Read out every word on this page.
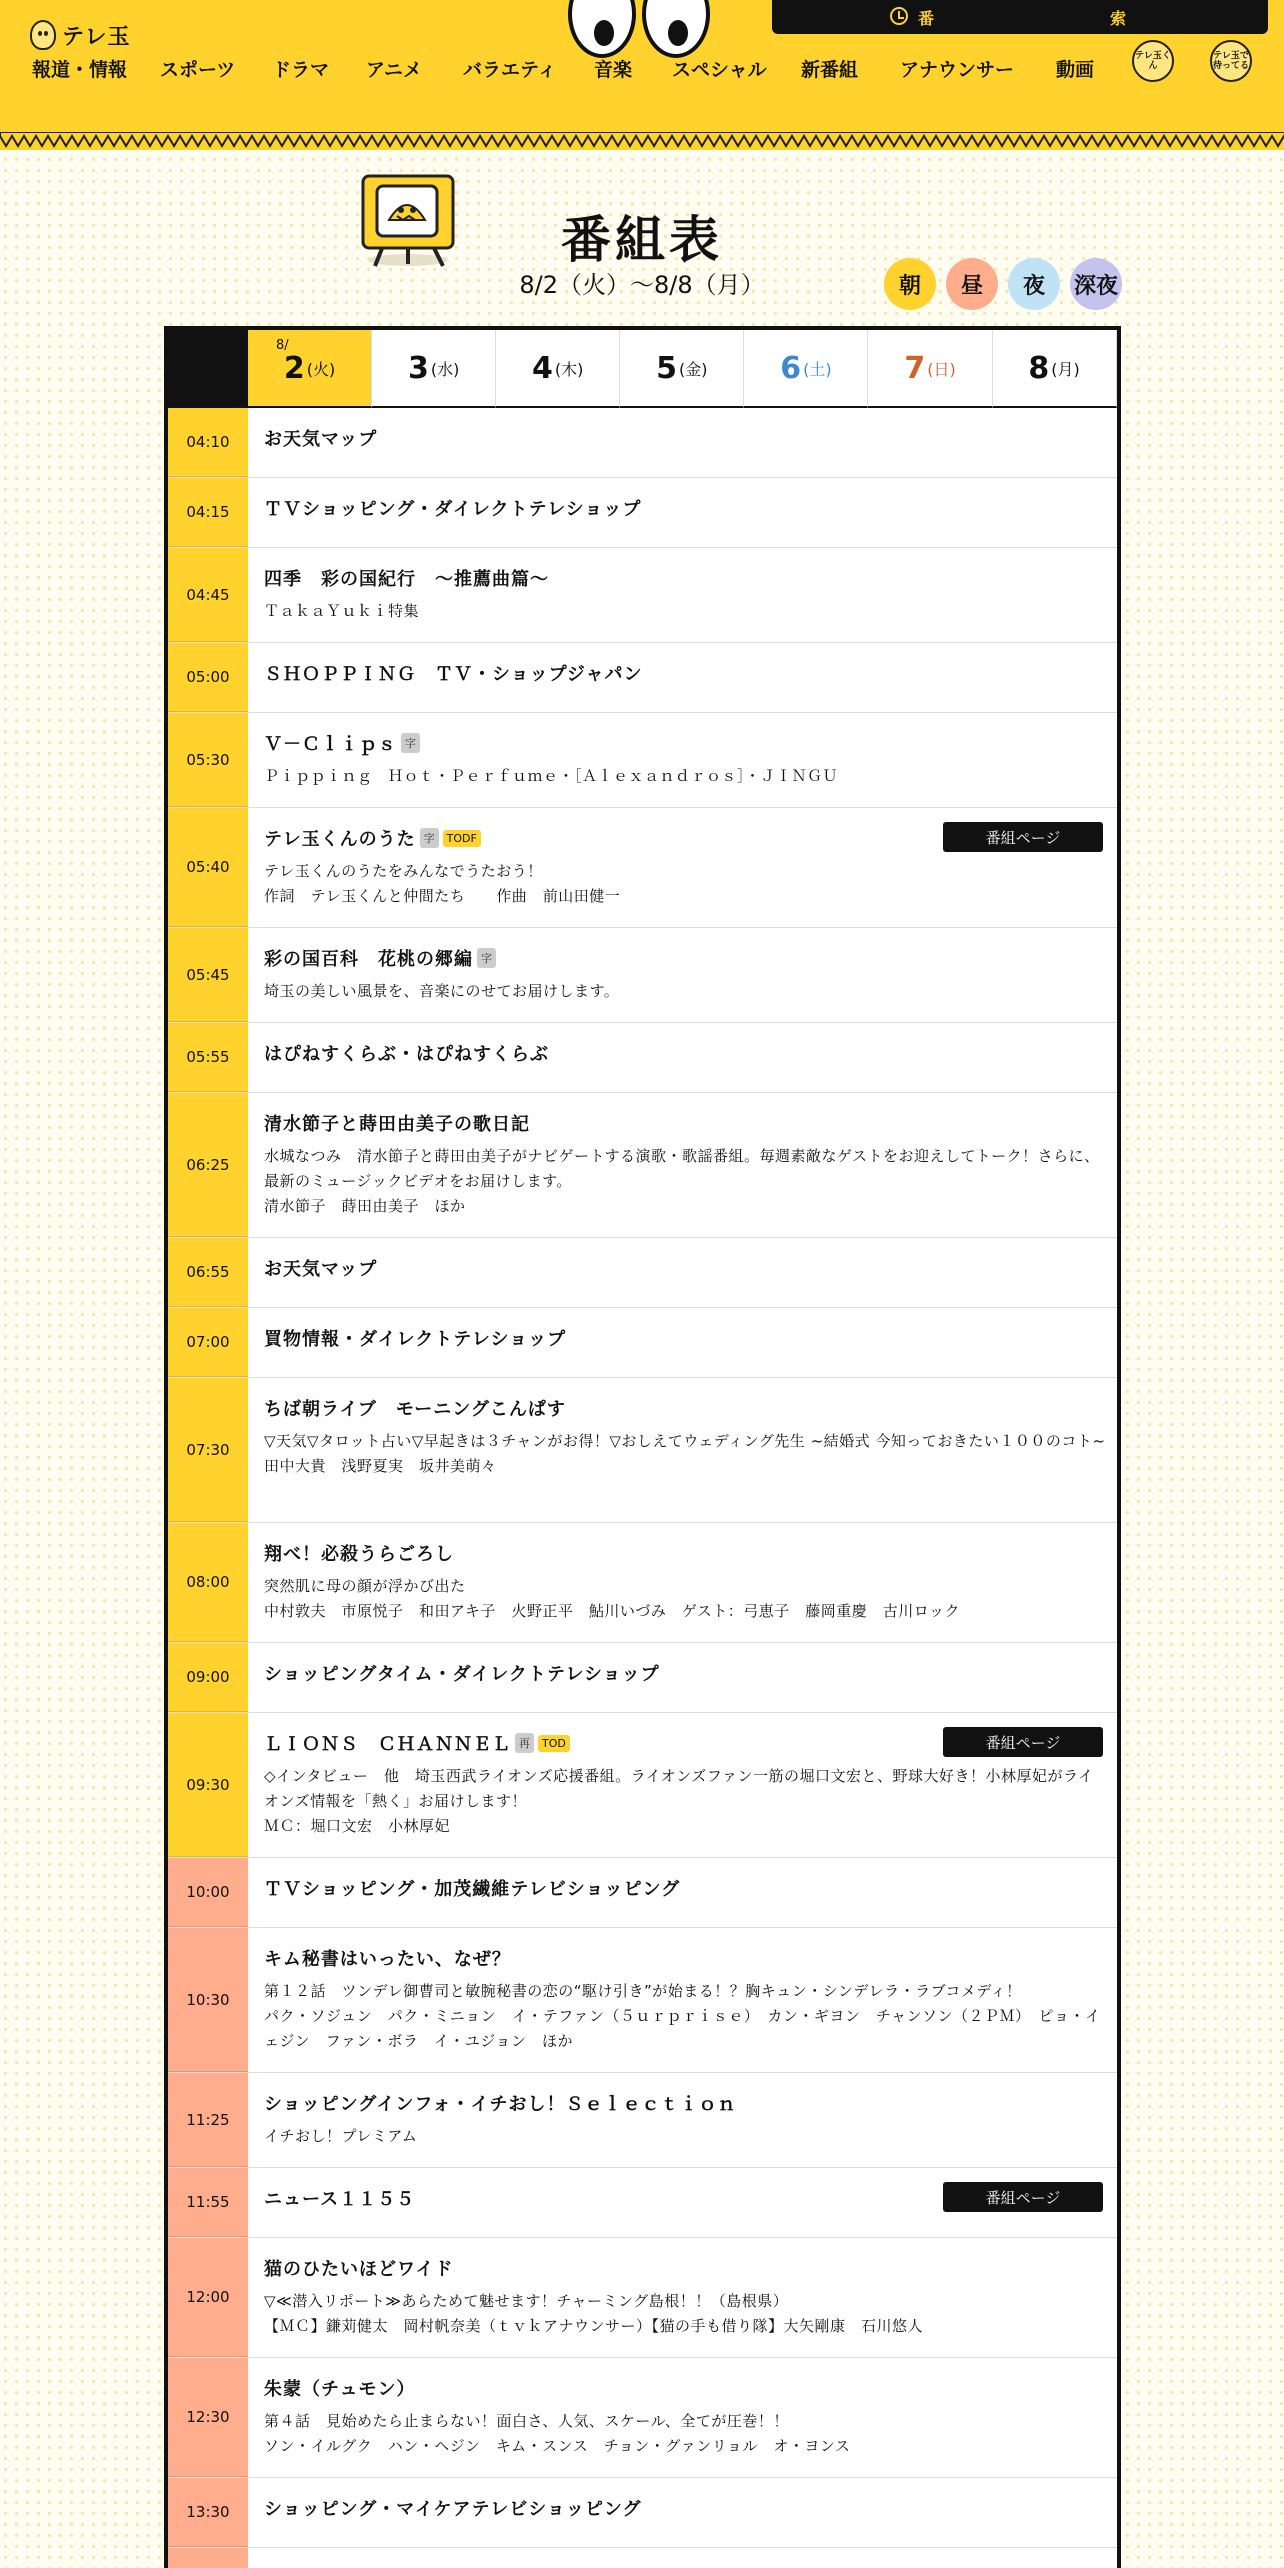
テレ玉
番	索
報道・情報 スポーツ ドラマ アニメ バラエティ 音楽 スペシャル 新番組 アナウンサー 動画
テレ玉くん
テレ玉で待ってる
番組表
8/2（火）〜8/8（月）	朝	昼	夜	深夜
8/
2 (火) 3 (水) 4 (木) 5 (金) 6 (土) 7 (日) 8 (月)
04:10	お天気マップ
04:15	ＴＶショッピング・ダイレクトテレショップ
04:45
四季　彩の国紀行　～推薦曲篇～
ＴａｋａＹｕｋｉ特集
05:00	ＳＨＯＰＰＩＮＧ　ＴＶ・ショップジャパン
05:30
Ｖ－Ｃｌｉｐｓ 字
Ｐｉｐｐｉｎｇ　Ｈｏｔ・Ｐｅｒｆｕｍｅ・［Ａｌｅｘａｎｄｒｏｓ］・ＪＩＮＧＵ
05:40
テレ玉くんのうた 字	TODF
テレ玉くんのうたをみんなでうたおう！
作詞　テレ玉くんと仲間たち　　作曲　前山田健一
番組ページ
05:45
彩の国百科　花桃の郷編 字
埼玉の美しい風景を、音楽にのせてお届けします。
05:55	はぴねすくらぶ・はぴねすくらぶ
06:25
清水節子と蒔田由美子の歌日記
水城なつみ　清水節子と蒔田由美子がナビゲートする演歌・歌謡番組。毎週素敵なゲストをお迎えしてトーク！さらに、最新のミュージックビデオをお届けします。
清水節子　蒔田由美子　ほか
06:55	お天気マップ
07:00	買物情報・ダイレクトテレショップ
07:30
ちば朝ライブ　モーニングこんぱす
▽天気▽タロット占い▽早起きは３チャンがお得！▽おしえてウェディング先生 ~結婚式 今知っておきたい１００のコト~
田中大貴　浅野夏実　坂井美萌々
08:00
翔べ！必殺うらごろし
突然肌に母の顔が浮かび出た
中村敦夫　市原悦子　和田アキ子　火野正平　鮎川いづみ　ゲスト：弓恵子　藤岡重慶　古川ロック
09:00	ショッピングタイム・ダイレクトテレショップ
09:30
ＬＩＯＮＳ　ＣＨＡＮＮＥＬ 再	TOD
◇インタビュー　他　埼玉西武ライオンズ応援番組。ライオンズファン一筋の堀口文宏と、野球大好き！小林厚妃がライオンズ情報を「熱く」お届けします！
ＭＣ：堀口文宏　小林厚妃
番組ページ
10:00	ＴＶショッピング・加茂繊維テレビショッピング
10:30
キム秘書はいったい、なぜ？
第１２話　ツンデレ御曹司と敏腕秘書の恋の“駆け引き”が始まる！？胸キュン・シンデレラ・ラブコメディ！
パク・ソジュン　パク・ミニョン　イ・テファン（５ｕｒｐｒｉｓｅ）　カン・ギヨン　チャンソン（２ＰＭ）　ピョ・イェジン　ファン・ボラ　イ・ユジョン　ほか
11:25
ショッピングインフォ・イチおし！Ｓｅｌｅｃｔｉｏｎ
イチおし！プレミアム
11:55	ニュース１１５５	番組ページ
12:00
猫のひたいほどワイド
▽≪潜入リポート≫あらためて魅せます！チャーミング島根！！（島根県）
【ＭＣ】鎌苅健太　岡村帆奈美（ｔｖｋアナウンサー）【猫の手も借り隊】大矢剛康　石川悠人
12:30
朱蒙（チュモン）
第４話　見始めたら止まらない！面白さ、人気、スケール、全てが圧巻！！
ソン・イルグク　ハン・ヘジン　キム・スンス　チョン・グァンリョル　オ・ヨンス
13:30	ショッピング・マイケアテレビショッピング
